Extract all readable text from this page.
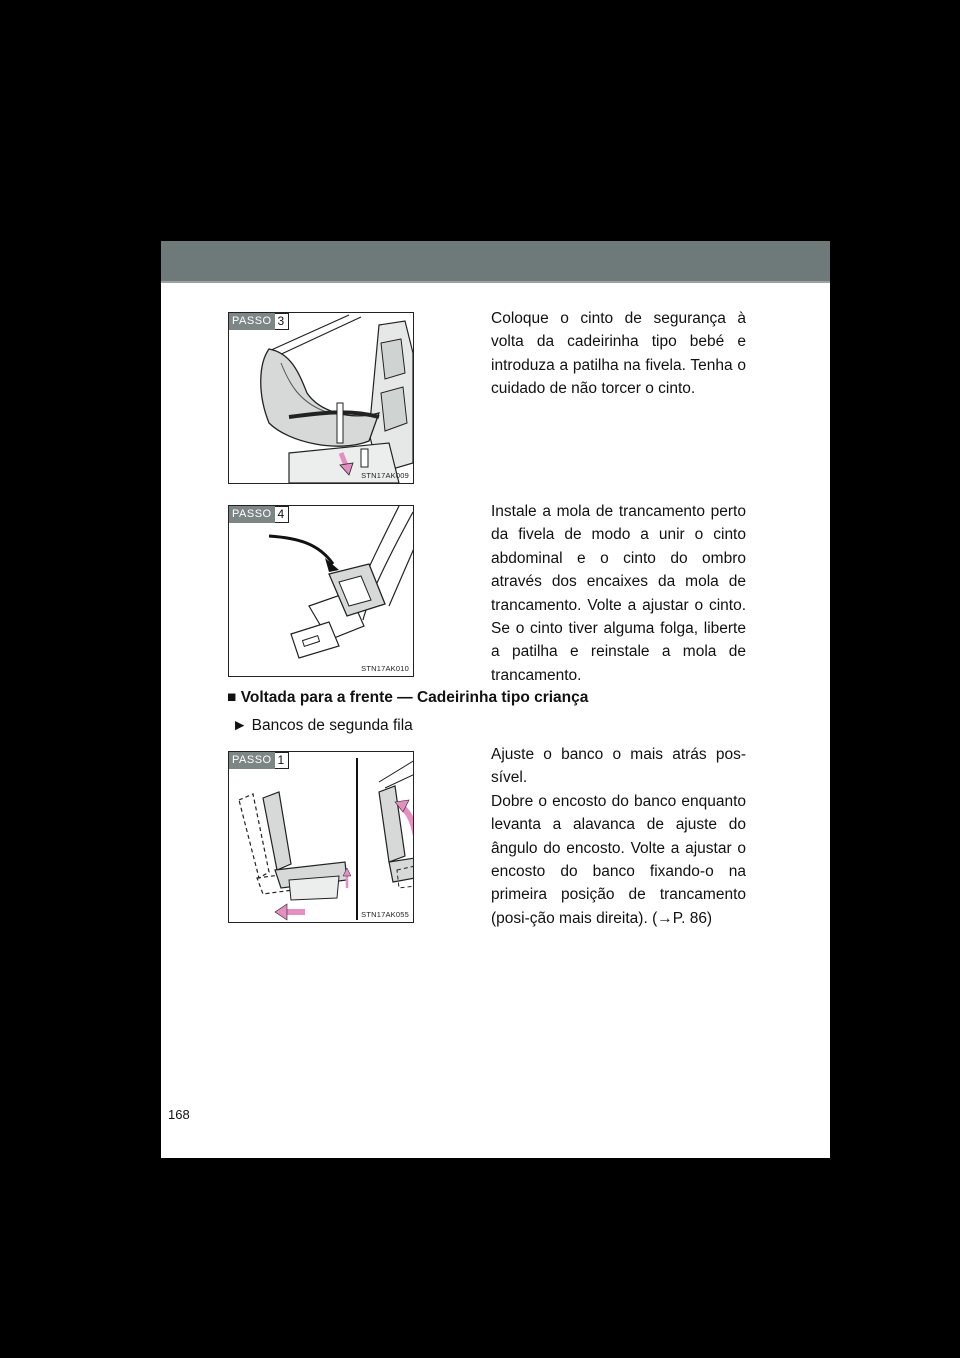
PASSO 3
STN17AK009

Coloque o cinto de segurança à volta da cadeirinha tipo bebé e introduza a patilha na fivela. Tenha o cuidado de não torcer o cinto.

PASSO 4
STN17AK010

Instale a mola de trancamento perto da fivela de modo a unir o cinto abdominal e o cinto do ombro através dos encaixes da mola de trancamento. Volte a ajustar o cinto. Se o cinto tiver alguma folga, liberte a patilha e reinstale a mola de trancamento.

■ Voltada para a frente — Cadeirinha tipo criança
► Bancos de segunda fila
PASSO 1
STN17AK055

Ajuste o banco o mais atrás pos-sível.

Dobre o encosto do banco enquanto levanta a alavanca de ajuste do ângulo do encosto. Volte a ajustar o encosto do banco fixando-o na primeira posição de trancamento (posi-ção mais direita). (→P. 86)

168
